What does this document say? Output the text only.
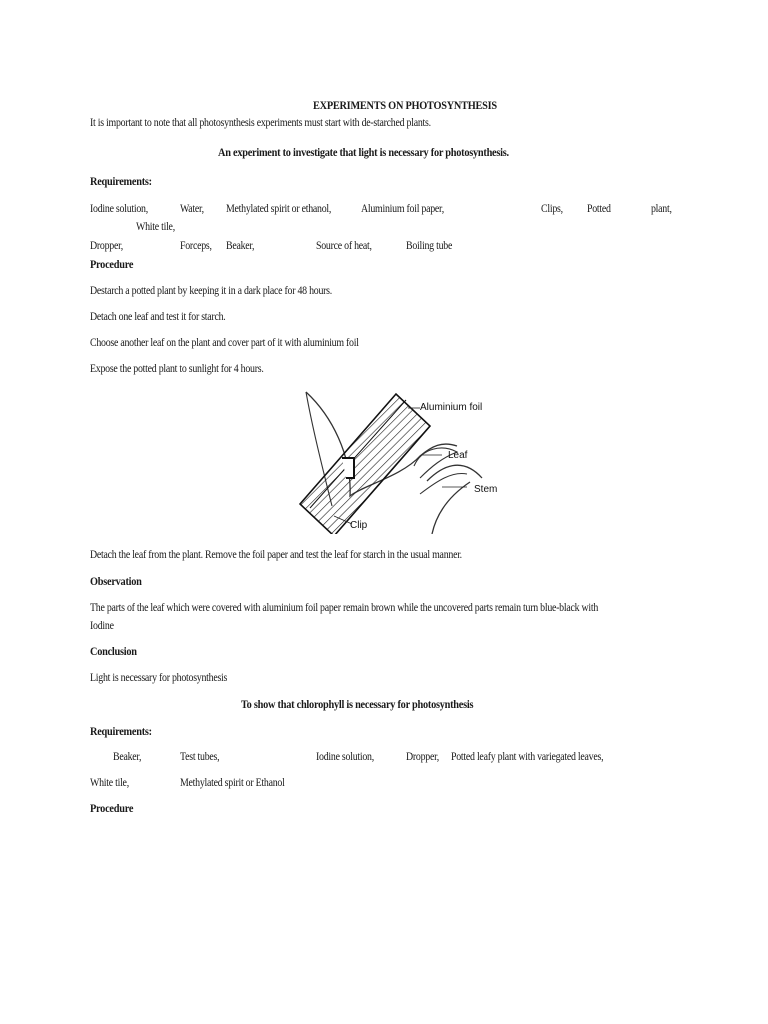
EXPERIMENTS ON PHOTOSYNTHESIS
It is important to note that all photosynthesis experiments must start with de-starched plants.
An experiment to investigate that light is necessary for photosynthesis.
Requirements:
Iodine solution,	Water, Methylated spirit or ethanol,	Aluminium foil paper,	Clips, Potted	plant,
White tile,
Dropper,	Forceps, Beaker,	Source of heat,	Boiling tube
Procedure
Destarch a potted plant by keeping it in a dark place for 48 hours.
Detach one leaf and test it for starch.
Choose another leaf on the plant and cover part of it with aluminium foil
Expose the potted plant to sunlight for 4 hours.
Aluminium foil
Leaf
Stem
Clip
Detach the leaf from the plant. Remove the foil paper and test the leaf for starch in the usual manner.
Observation
The parts of the leaf which were covered with aluminium foil paper remain brown while the uncovered parts remain turn blue-black with
Iodine
Conclusion
Light is necessary for photosynthesis
To show that chlorophyll is necessary for photosynthesis
Requirements:
Beaker,	Test tubes,	Iodine solution,	Dropper, Potted leafy plant with variegated leaves,
White tile,	Methylated spirit or Ethanol
Procedure
